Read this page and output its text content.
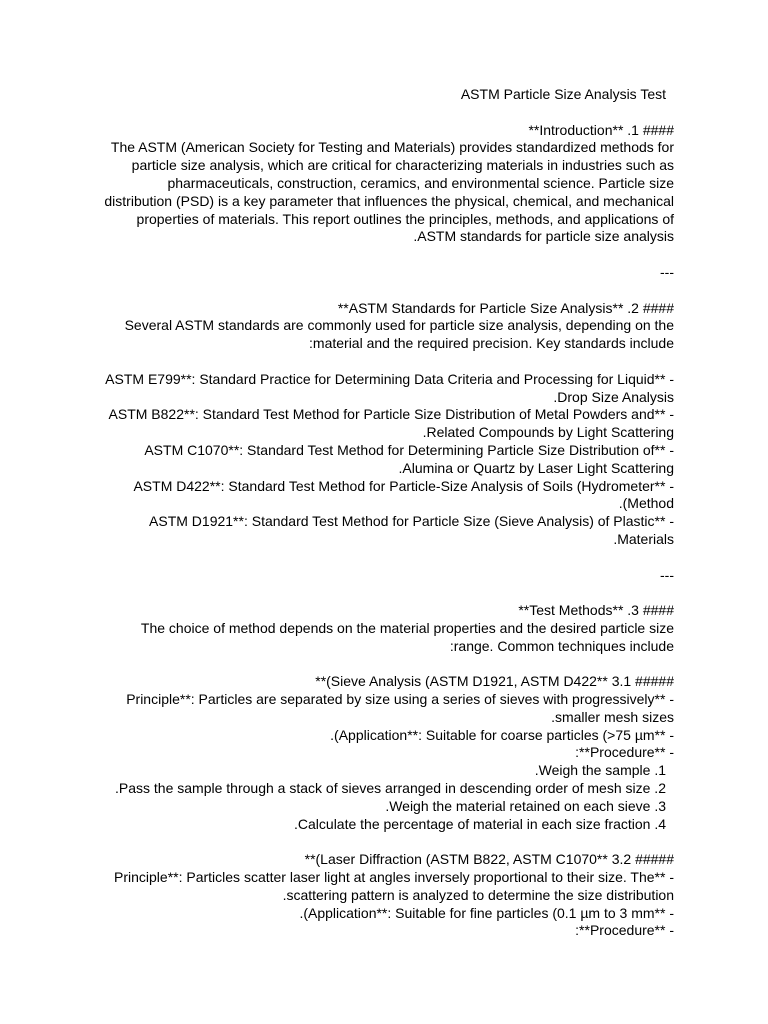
ASTM Particle Size Analysis Test
**Introduction** .1 ####
The ASTM (American Society for Testing and Materials) provides standardized methods for
particle size analysis, which are critical for characterizing materials in industries such as
pharmaceuticals, construction, ceramics, and environmental science. Particle size
distribution (PSD) is a key parameter that influences the physical, chemical, and mechanical
properties of materials. This report outlines the principles, methods, and applications of
.ASTM standards for particle size analysis
---
**ASTM Standards for Particle Size Analysis** .2 ####
Several ASTM standards are commonly used for particle size analysis, depending on the
:material and the required precision. Key standards include
ASTM E799**: Standard Practice for Determining Data Criteria and Processing for Liquid** -
.Drop Size Analysis
ASTM B822**: Standard Test Method for Particle Size Distribution of Metal Powders and** -
.Related Compounds by Light Scattering
ASTM C1070**: Standard Test Method for Determining Particle Size Distribution of** -
.Alumina or Quartz by Laser Light Scattering
ASTM D422**: Standard Test Method for Particle-Size Analysis of Soils (Hydrometer** -
.(Method
ASTM D1921**: Standard Test Method for Particle Size (Sieve Analysis) of Plastic** -
.Materials
---
**Test Methods** .3 ####
The choice of method depends on the material properties and the desired particle size
:range. Common techniques include
**(Sieve Analysis (ASTM D1921, ASTM D422** 3.1 #####
Principle**: Particles are separated by size using a series of sieves with progressively** -
.smaller mesh sizes
.(Application**: Suitable for coarse particles (>75 µm** -
:**Procedure** -
.Weigh the sample .1
.Pass the sample through a stack of sieves arranged in descending order of mesh size .2
.Weigh the material retained on each sieve .3
.Calculate the percentage of material in each size fraction .4
**(Laser Diffraction (ASTM B822, ASTM C1070** 3.2 #####
Principle**: Particles scatter laser light at angles inversely proportional to their size. The** -
.scattering pattern is analyzed to determine the size distribution
.(Application**: Suitable for fine particles (0.1 µm to 3 mm** -
:**Procedure** -
